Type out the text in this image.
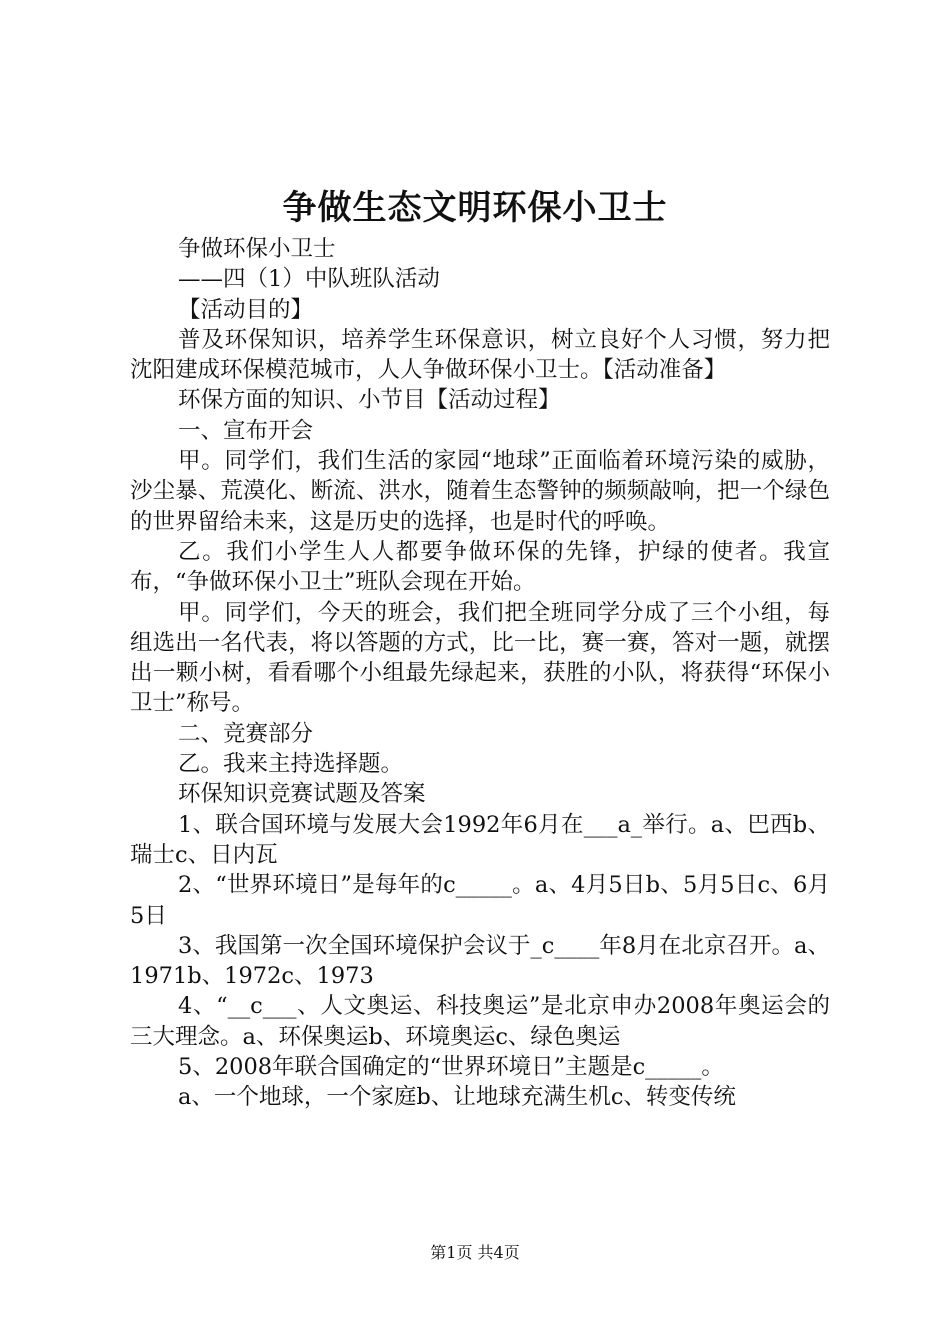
争做生态文明环保小卫士

争做环保小卫士

——四（1）中队班队活动

【活动目的】

普及环保知识，培养学生环保意识，树立良好个人习惯，努力把沈阳建成环保模范城市，人人争做环保小卫士。【活动准备】

环保方面的知识、小节目【活动过程】

一、宣布开会

甲。同学们，我们生活的家园“地球”正面临着环境污染的威胁，沙尘暴、荒漠化、断流、洪水，随着生态警钟的频频敲响，把一个绿色的世界留给未来，这是历史的选择，也是时代的呼唤。

乙。我们小学生人人都要争做环保的先锋，护绿的使者。我宣布，“争做环保小卫士”班队会现在开始。

甲。同学们，今天的班会，我们把全班同学分成了三个小组，每组选出一名代表，将以答题的方式，比一比，赛一赛，答对一题，就摆出一颗小树，看看哪个小组最先绿起来，获胜的小队，将获得“环保小卫士”称号。

二、竞赛部分

乙。我来主持选择题。

环保知识竞赛试题及答案

1、联合国环境与发展大会1992年6月在___a_举行。a、巴西b、瑞士c、日内瓦

2、“世界环境日”是每年的c_____。a、4月5日b、5月5日c、6月5日

3、我国第一次全国环境保护会议于_c____年8月在北京召开。a、1971b、1972c、1973

4、“__c___、人文奥运、科技奥运”是北京申办2008年奥运会的三大理念。a、环保奥运b、环境奥运c、绿色奥运

5、2008年联合国确定的“世界环境日”主题是c_____。

a、一个地球，一个家庭b、让地球充满生机c、转变传统

第1页 共4页
